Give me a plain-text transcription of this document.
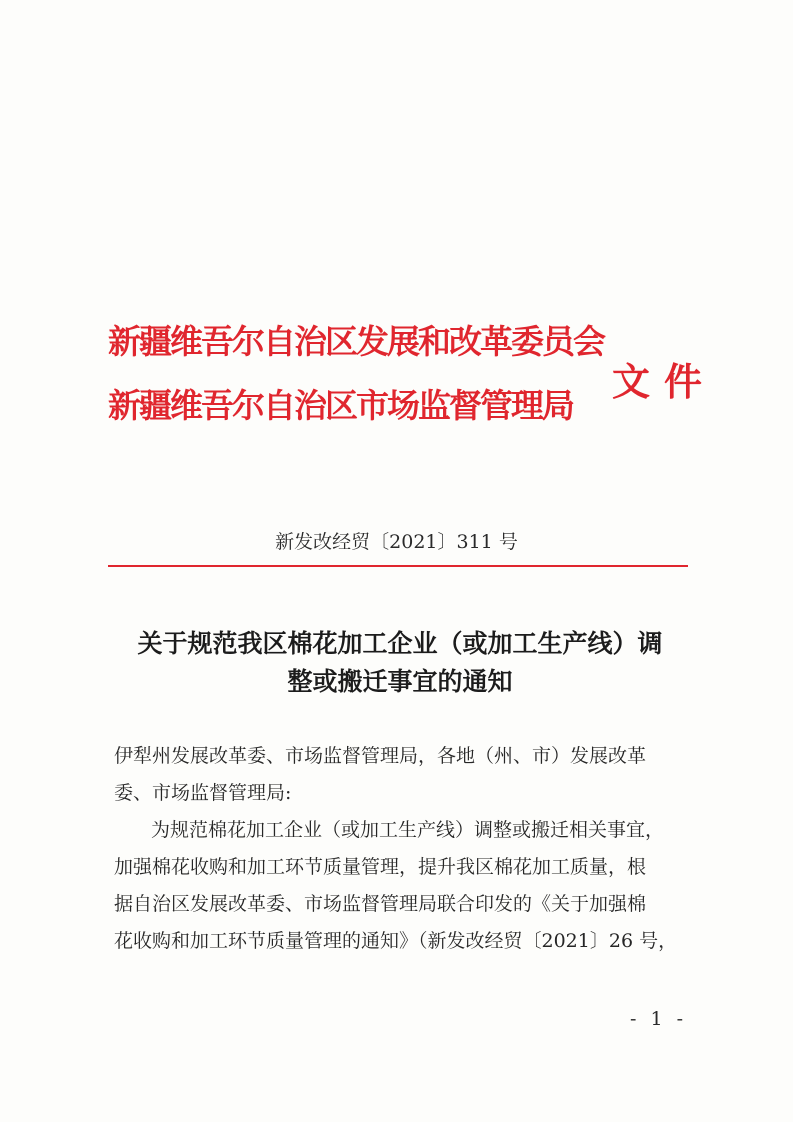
新疆维吾尔自治区发展和改革委员会
新疆维吾尔自治区市场监督管理局
文件
新发改经贸〔2021〕311 号
关于规范我区棉花加工企业（或加工生产线）调
整或搬迁事宜的通知

伊犁州发展改革委、市场监督管理局，各地（州、市）发展改革
委、市场监督管理局:

为规范棉花加工企业（或加工生产线）调整或搬迁相关事宜，
加强棉花收购和加工环节质量管理，提升我区棉花加工质量，根
据自治区发展改革委、市场监督管理局联合印发的《关于加强棉
花收购和加工环节质量管理的通知》（新发改经贸〔2021〕26 号，

- 1 -
